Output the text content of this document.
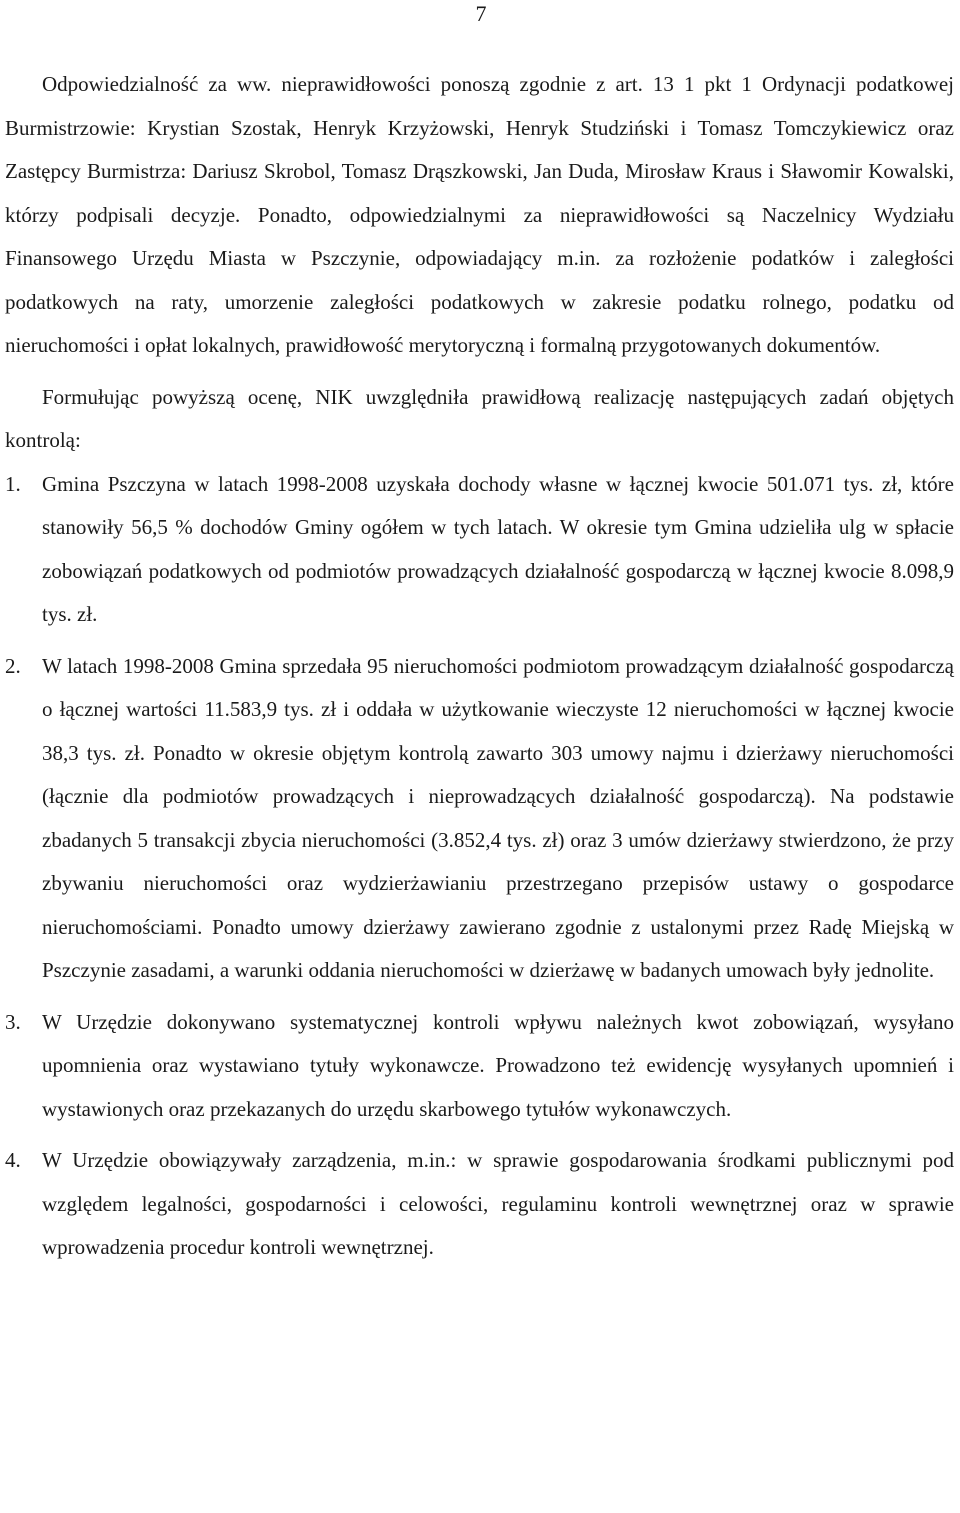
7

Odpowiedzialność za ww. nieprawidłowości ponoszą zgodnie z art. 13 1 pkt 1 Ordynacji podatkowej Burmistrzowie: Krystian Szostak, Henryk Krzyżowski, Henryk Studziński i Tomasz Tomczykiewicz oraz Zastępcy Burmistrza: Dariusz Skrobol, Tomasz Drąszkowski, Jan Duda, Mirosław Kraus i Sławomir Kowalski, którzy podpisali decyzje. Ponadto, odpowiedzialnymi za nieprawidłowości są Naczelnicy Wydziału Finansowego Urzędu Miasta w Pszczynie, odpowiadający m.in. za rozłożenie podatków i zaległości podatkowych na raty, umorzenie zaległości podatkowych w zakresie podatku rolnego, podatku od nieruchomości i opłat lokalnych, prawidłowość merytoryczną i formalną przygotowanych dokumentów.

Formułując powyższą ocenę, NIK uwzględniła prawidłową realizację następujących zadań objętych kontrolą:

1.	Gmina Pszczyna w latach 1998-2008 uzyskała dochody własne w łącznej kwocie 501.071 tys. zł, które stanowiły 56,5 % dochodów Gminy ogółem w tych latach. W okresie tym Gmina udzieliła ulg w spłacie zobowiązań podatkowych od podmiotów prowadzących działalność gospodarczą w łącznej kwocie 8.098,9 tys. zł.
2.	W latach 1998-2008 Gmina sprzedała 95 nieruchomości podmiotom prowadzącym działalność gospodarczą o łącznej wartości 11.583,9 tys. zł i oddała w użytkowanie wieczyste 12 nieruchomości w łącznej kwocie 38,3 tys. zł. Ponadto w okresie objętym kontrolą zawarto 303 umowy najmu i dzierżawy nieruchomości (łącznie dla podmiotów prowadzących i nieprowadzących działalność gospodarczą). Na podstawie zbadanych 5 transakcji zbycia nieruchomości (3.852,4 tys. zł) oraz 3 umów dzierżawy stwierdzono, że przy zbywaniu nieruchomości oraz wydzierżawianiu przestrzegano przepisów ustawy o gospodarce nieruchomościami. Ponadto umowy dzierżawy zawierano zgodnie z ustalonymi przez Radę Miejską w Pszczynie zasadami, a warunki oddania nieruchomości w dzierżawę w badanych umowach były jednolite.
3.	W Urzędzie dokonywano systematycznej kontroli wpływu należnych kwot zobowiązań, wysyłano upomnienia oraz wystawiano tytuły wykonawcze. Prowadzono też ewidencję wysyłanych upomnień i wystawionych oraz przekazanych do urzędu skarbowego tytułów wykonawczych.
4.	W Urzędzie obowiązywały zarządzenia, m.in.: w sprawie gospodarowania środkami publicznymi pod względem legalności, gospodarności i celowości, regulaminu kontroli wewnętrznej oraz w sprawie wprowadzenia procedur kontroli wewnętrznej.
